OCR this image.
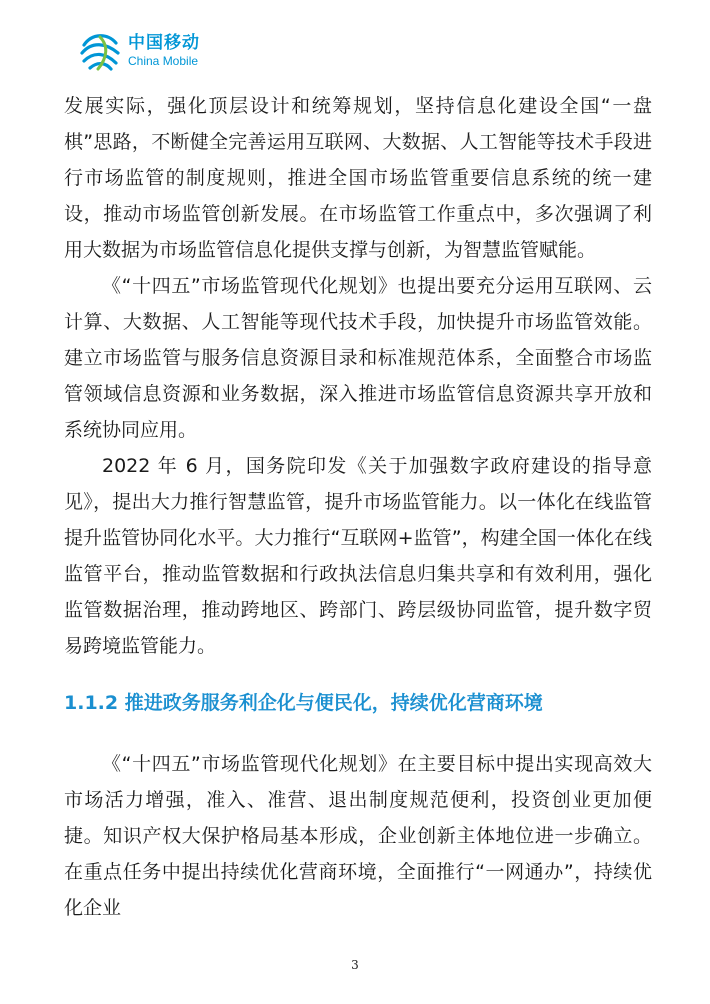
中国移动
China Mobile

发展实际，强化顶层设计和统筹规划，坚持信息化建设全国“一盘棋”思路，不断健全完善运用互联网、大数据、人工智能等技术手段进行市场监管的制度规则，推进全国市场监管重要信息系统的统一建设，推动市场监管创新发展。在市场监管工作重点中，多次强调了利用大数据为市场监管信息化提供支撑与创新，为智慧监管赋能。

《“十四五”市场监管现代化规划》也提出要充分运用互联网、云计算、大数据、人工智能等现代技术手段，加快提升市场监管效能。建立市场监管与服务信息资源目录和标准规范体系，全面整合市场监管领域信息资源和业务数据，深入推进市场监管信息资源共享开放和系统协同应用。

2022 年 6 月，国务院印发《关于加强数字政府建设的指导意见》，提出大力推行智慧监管，提升市场监管能力。以一体化在线监管提升监管协同化水平。大力推行“互联网+监管”，构建全国一体化在线监管平台，推动监管数据和行政执法信息归集共享和有效利用，强化监管数据治理，推动跨地区、跨部门、跨层级协同监管，提升数字贸易跨境监管能力。

1.1.2 推进政务服务利企化与便民化，持续优化营商环境

《“十四五”市场监管现代化规划》在主要目标中提出实现高效大市场活力增强，准入、准营、退出制度规范便利，投资创业更加便捷。知识产权大保护格局基本形成，企业创新主体地位进一步确立。在重点任务中提出持续优化营商环境，全面推行“一网通办”，持续优化企业

3
